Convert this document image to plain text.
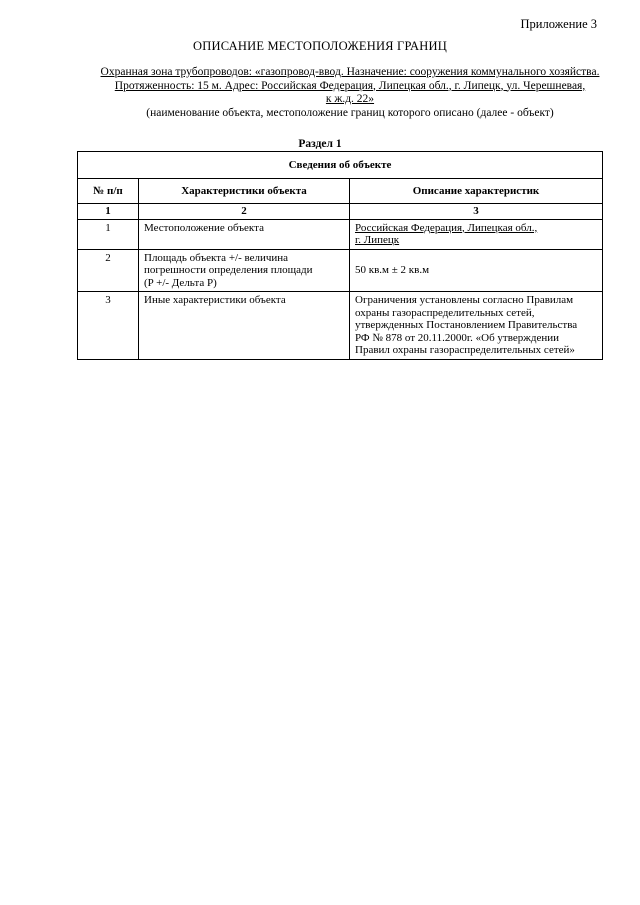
Приложение 3
ОПИСАНИЕ МЕСТОПОЛОЖЕНИЯ ГРАНИЦ
Охранная зона трубопроводов: «газопровод-ввод. Назначение: сооружения коммунального хозяйства.
Протяженность: 15 м. Адрес: Российская Федерация, Липецкая обл., г. Липецк, ул. Черешневая,
к ж.д. 22»
(наименование объекта, местоположение границ которого описано (далее - объект)
Раздел 1
Сведения об объекте		
№ п/п	Характеристики объекта	Описание характеристик
1	2	3
1	Местоположение объекта	Российская Федерация, Липецкая обл.,
г. Липецк
2	Площадь объекта +/- величина
погрешности определения площади
(P +/- Дельта P)	50 кв.м ± 2 кв.м
3	Иные характеристики объекта	Ограничения установлены согласно Правилам
охраны газораспределительных сетей,
утвержденных Постановлением Правительства
РФ № 878 от 20.11.2000г. «Об утверждении
Правил охраны газораспределительных сетей»
